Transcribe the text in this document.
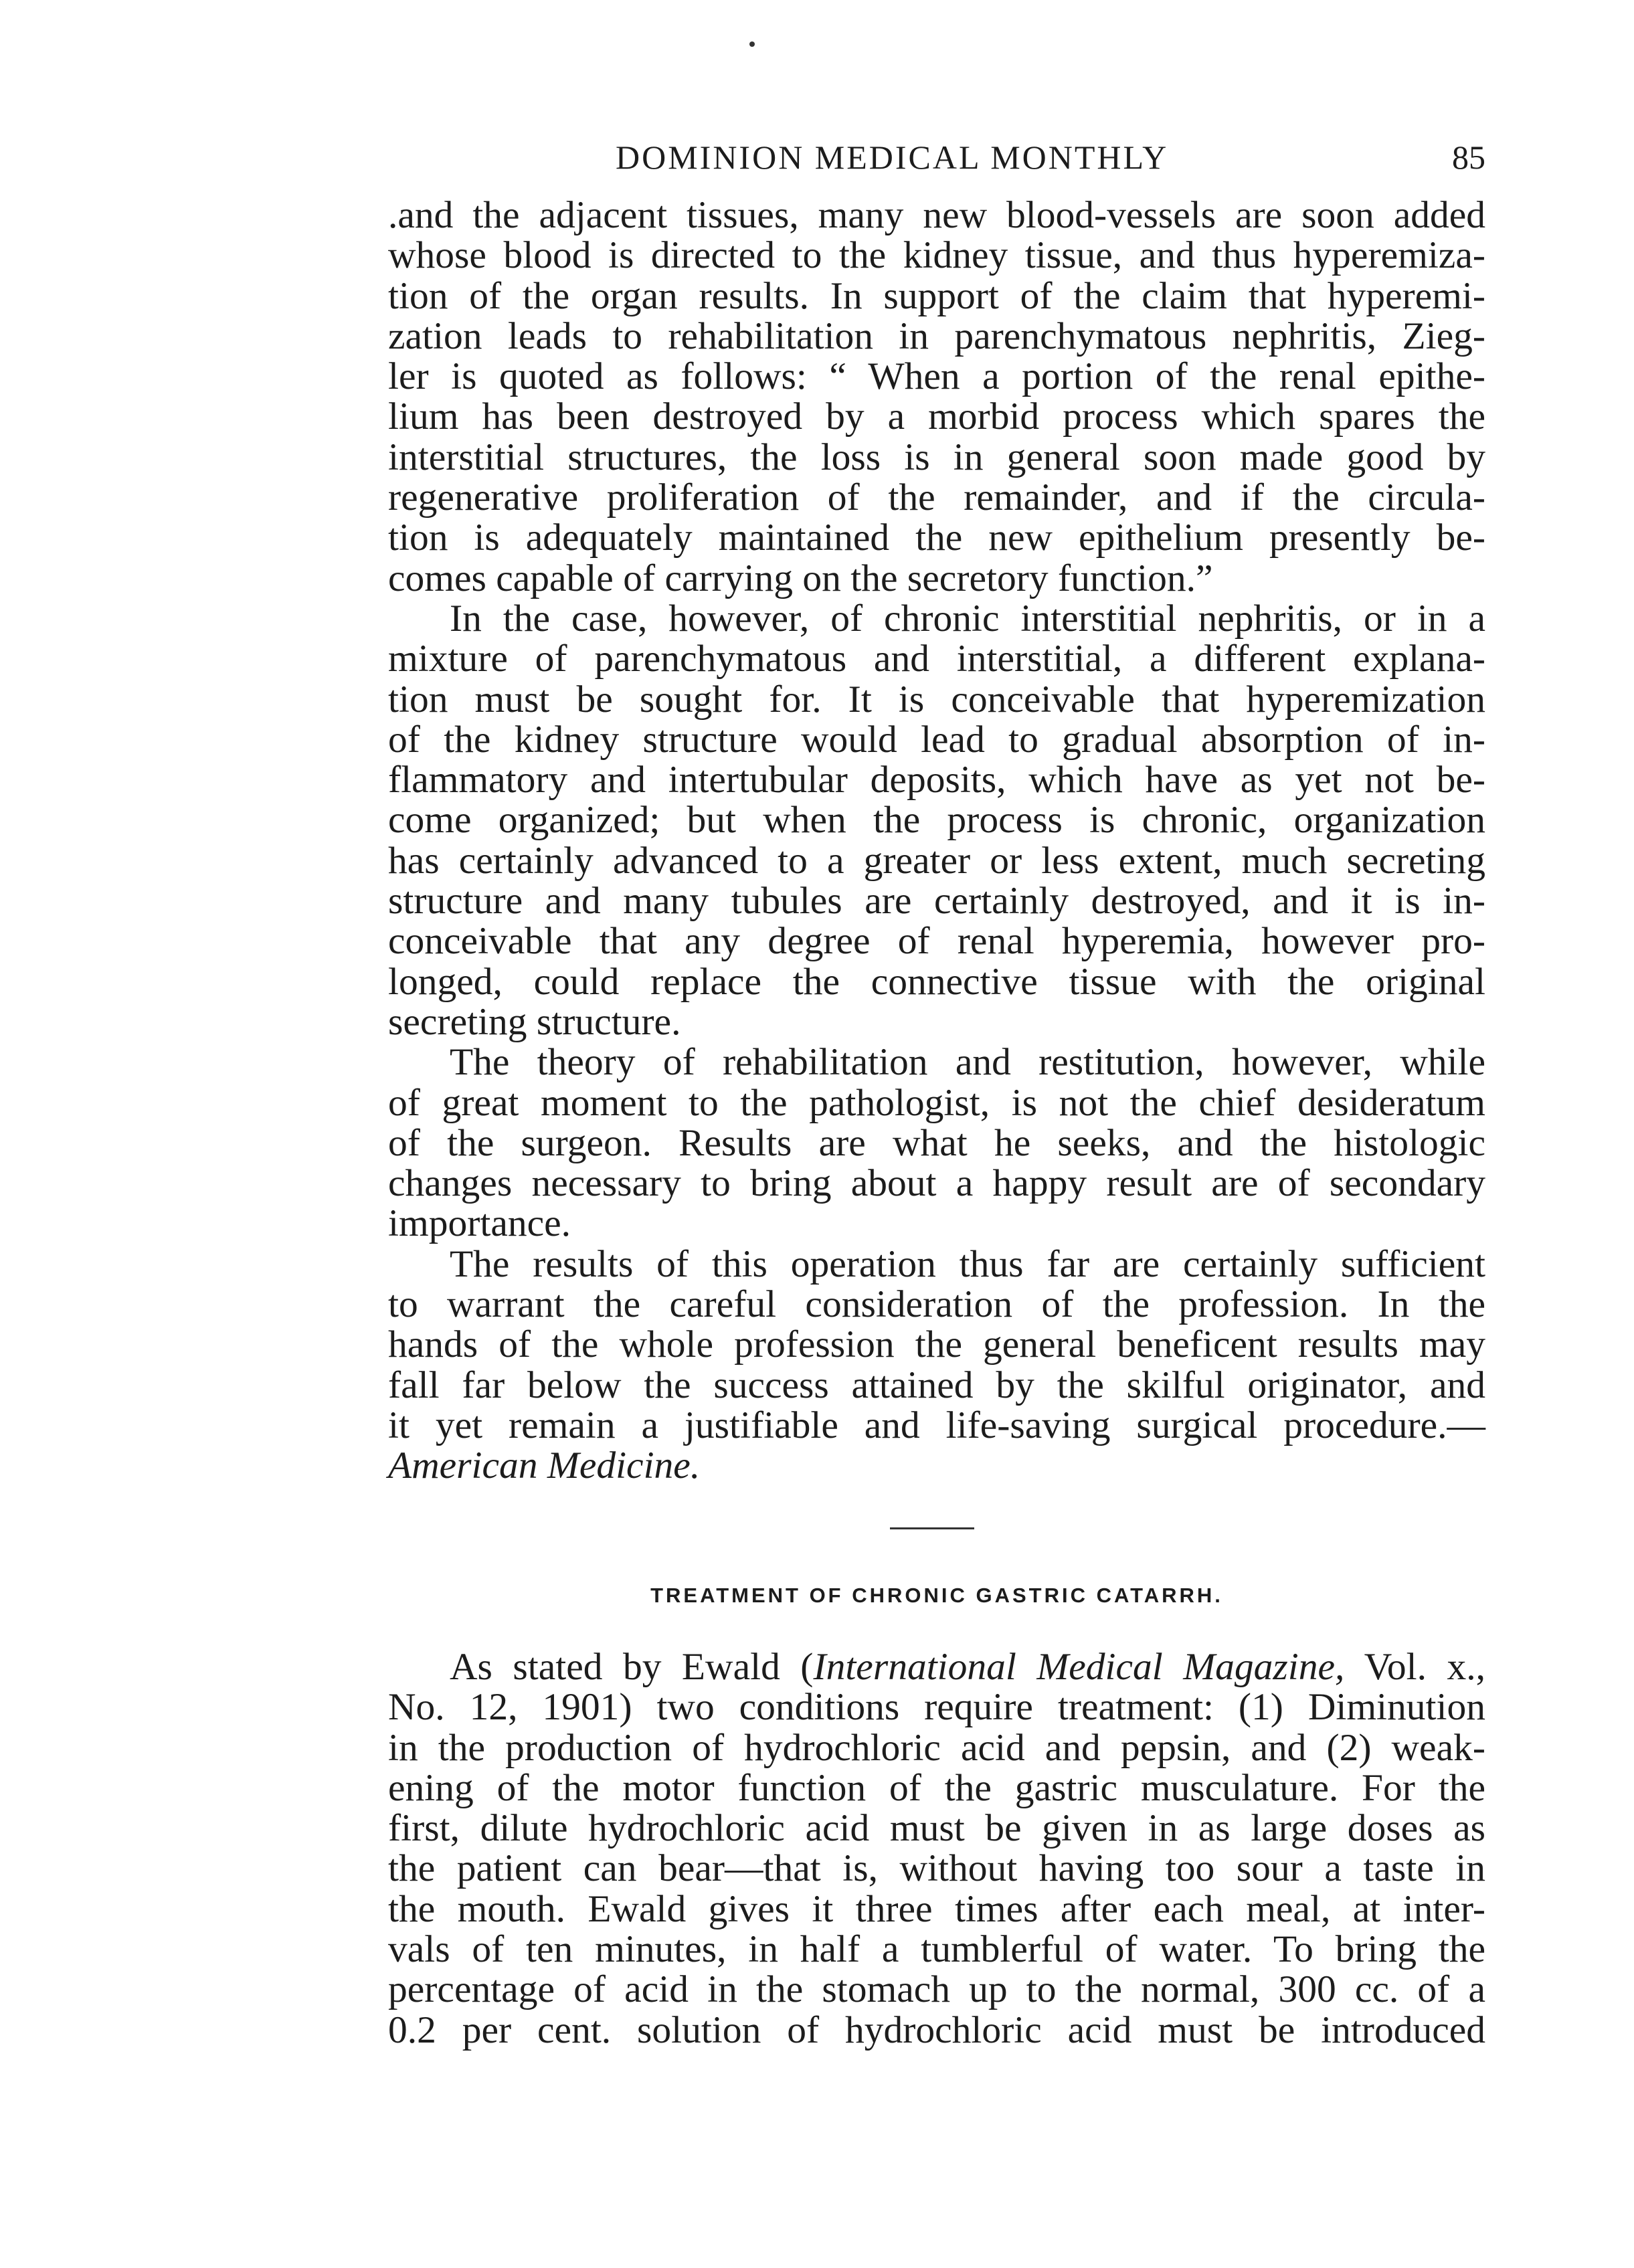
DOMINION MEDICAL MONTHLY	85
.and the adjacent tissues, many new blood-vessels are soon added
whose blood is directed to the kidney tissue, and thus hyperemiza-
tion of the organ results. In support of the claim that hyperemi-
zation leads to rehabilitation in parenchymatous nephritis, Zieg-
ler is quoted as follows: “ When a portion of the renal epithe-
lium has been destroyed by a morbid process which spares the
interstitial structures, the loss is in general soon made good by
regenerative proliferation of the remainder, and if the circula-
tion is adequately maintained the new epithelium presently be-
comes capable of carrying on the secretory function.”
In the case, however, of chronic interstitial nephritis, or in a
mixture of parenchymatous and interstitial, a different explana-
tion must be sought for. It is conceivable that hyperemization
of the kidney structure would lead to gradual absorption of in-
flammatory and intertubular deposits, which have as yet not be-
come organized; but when the process is chronic, organization
has certainly advanced to a greater or less extent, much secreting
structure and many tubules are certainly destroyed, and it is in-
conceivable that any degree of renal hyperemia, however pro-
longed, could replace the connective tissue with the original
secreting structure.
The theory of rehabilitation and restitution, however, while
of great moment to the pathologist, is not the chief desideratum
of the surgeon. Results are what he seeks, and the histologic
changes necessary to bring about a happy result are of secondary
importance.
The results of this operation thus far are certainly sufficient
to warrant the careful consideration of the profession. In the
hands of the whole profession the general beneficent results may
fall far below the success attained by the skilful originator, and
it yet remain a justifiable and life-saving surgical procedure.—
American Medicine.
TREATMENT OF CHRONIC GASTRIC CATARRH.
As stated by Ewald (International Medical Magazine, Vol. x.,
No. 12, 1901) two conditions require treatment: (1) Diminution
in the production of hydrochloric acid and pepsin, and (2) weak-
ening of the motor function of the gastric musculature. For the
first, dilute hydrochloric acid must be given in as large doses as
the patient can bear—that is, without having too sour a taste in
the mouth. Ewald gives it three times after each meal, at inter-
vals of ten minutes, in half a tumblerful of water. To bring the
percentage of acid in the stomach up to the normal, 300 cc. of a
0.2 per cent. solution of hydrochloric acid must be introduced
